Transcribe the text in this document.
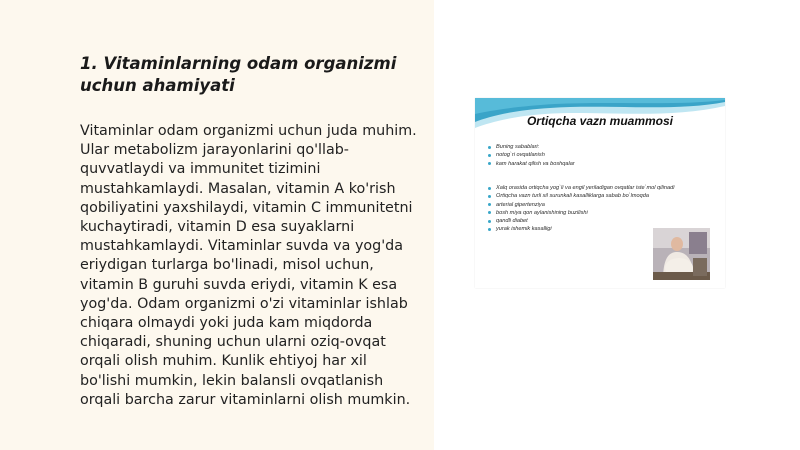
1. Vitaminlarning odam organizmi uchun ahamiyati

Vitaminlar odam organizmi uchun juda muhim. Ular metabolizm jarayonlarini qo'llab-quvvatlaydi va immunitet tizimini mustahkamlaydi. Masalan, vitamin A ko'rish qobiliyatini yaxshilaydi, vitamin C immunitetni kuchaytiradi, vitamin D esa suyaklarni mustahkamlaydi. Vitaminlar suvda va yog'da eriydigan turlarga bo'linadi, misol uchun, vitamin B guruhi suvda eriydi, vitamin K esa yog'da. Odam organizmi o'zi vitaminlar ishlab chiqara olmaydi yoki juda kam miqdorda chiqaradi, shuning uchun ularni oziq-ovqat orqali olish muhim. Kunlik ehtiyoj har xil bo'lishi mumkin, lekin balansli ovqatlanish orqali barcha zarur vitaminlarni olish mumkin.

Ortiqcha vazn muammosi
Buning sabablari:
notog`ri ovqatlanish
kam harakat qilish va boshqalar
Xalq orasida ortiqcha yog`li va engil yeriladigan ovqatlar iste`mol qilinadi
Ortiqcha vazn turli xil surunkali kasalliklarga sabab bo`lmoqda
arterial gipertenziya
bosh miya qon aylanishining buzilishi
qandli diabet
yurak ishemik kasalligi
